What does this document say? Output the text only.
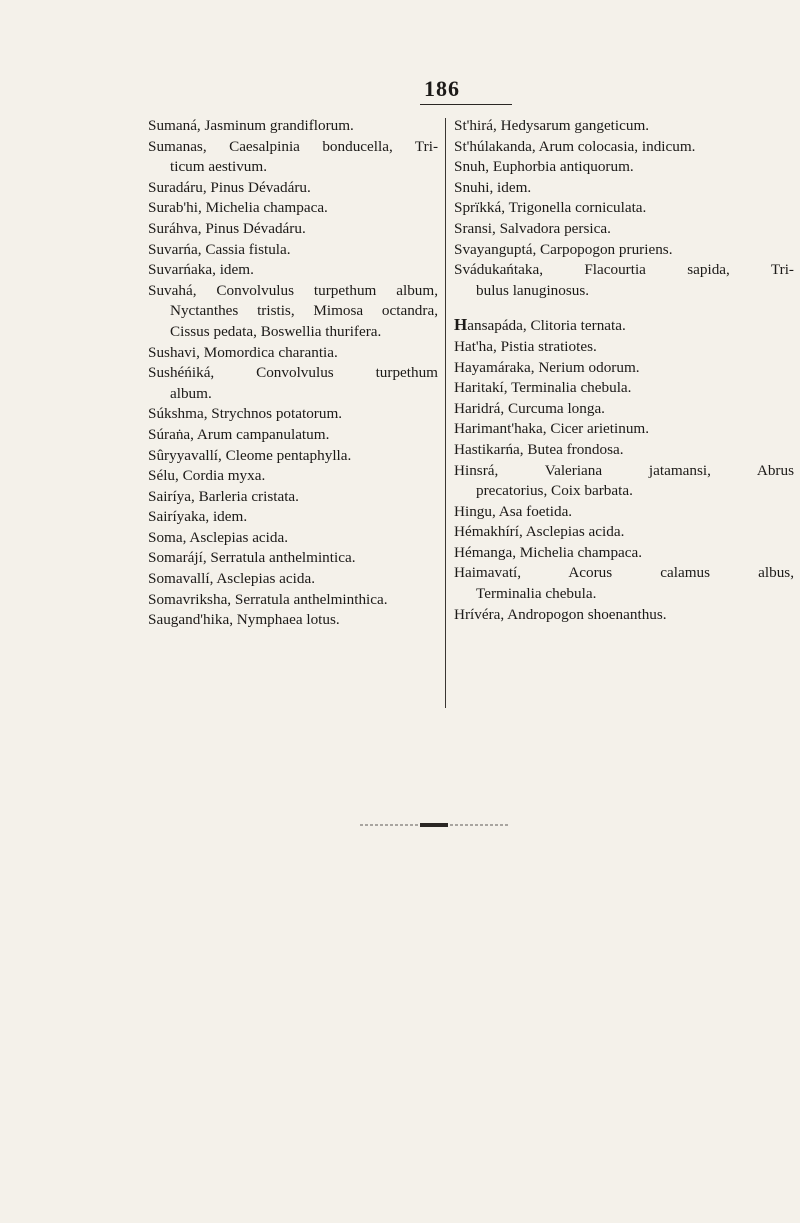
186
Sumaná, Jasminum grandiflorum.
Sumanas, Caesalpinia bonducella, Tri-
ticum aestivum.
Suradáru, Pinus Dévadáru.
Surab'hi, Michelia champaca.
Suráhva, Pinus Dévadáru.
Suvarńa, Cassia fistula.
Suvarńaka, idem.
Suvahá, Convolvulus turpethum album,
Nyctanthes tristis, Mimosa octandra,
Cissus pedata, Boswellia thurifera.
Sushavi, Momordica charantia.
Sushéńiká, Convolvulus turpethum
album.
Súkshma, Strychnos potatorum.
Súraṅa, Arum campanulatum.
Sûryyavallí, Cleome pentaphylla.
Sélu, Cordia myxa.
Sairíya, Barleria cristata.
Sairíyaka, idem.
Soma, Asclepias acida.
Somarájí, Serratula anthelmintica.
Somavallí, Asclepias acida.
Somavriksha, Serratula anthelminthica.
Saugand'hika, Nymphaea lotus.
St'hirá, Hedysarum gangeticum.
St'húlakanda, Arum colocasia, indicum.
Snuh, Euphorbia antiquorum.
Snuhi, idem.
Sprïkká, Trigonella corniculata.
Sransi, Salvadora persica.
Svayanguptá, Carpopogon pruriens.
Svádukańtaka, Flacourtia sapida, Tri-
bulus lanuginosus.
Hansapáda, Clitoria ternata.
Hat'ha, Pistia stratiotes.
Hayamáraka, Nerium odorum.
Haritakí, Terminalia chebula.
Haridrá, Curcuma longa.
Harimant'haka, Cicer arietinum.
Hastikarńa, Butea frondosa.
Hinsrá, Valeriana jatamansi, Abrus
precatorius, Coix barbata.
Hingu, Asa foetida.
Hémakhírí, Asclepias acida.
Hémanga, Michelia champaca.
Haimavatí, Acorus calamus albus,
Terminalia chebula.
Hrívéra, Andropogon shoenanthus.
